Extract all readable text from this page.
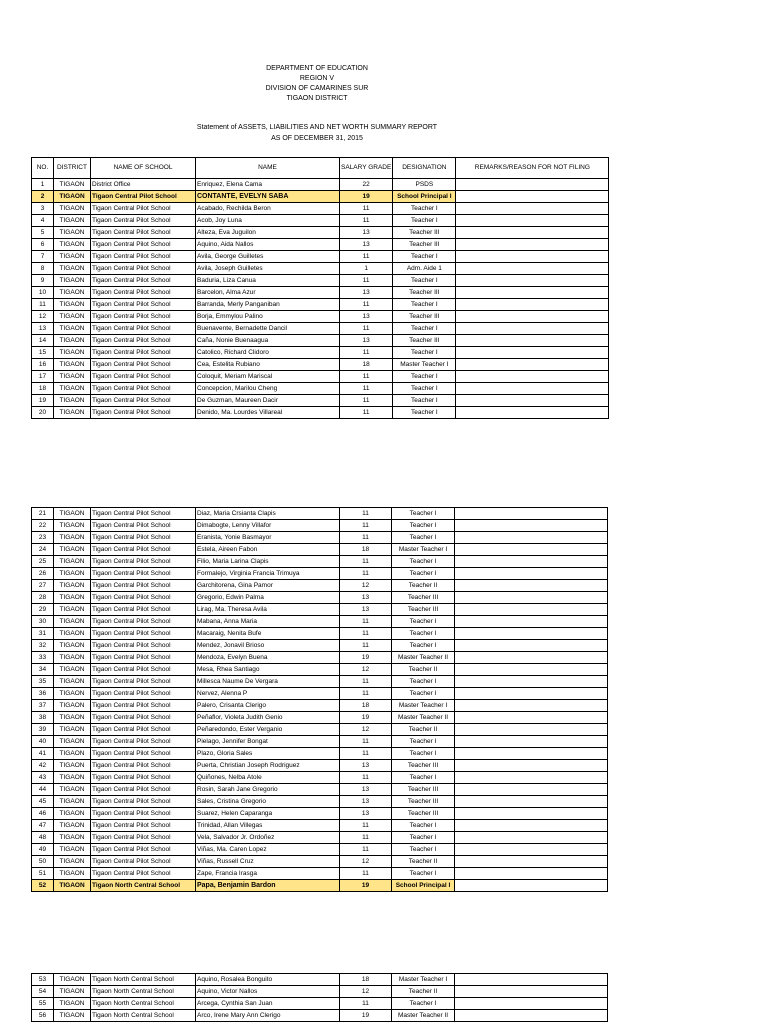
DEPARTMENT OF EDUCATION
REGION V
DIVISION OF CAMARINES SUR
TIGAON DISTRICT
Statement of ASSETS, LIABILITIES AND NET WORTH SUMMARY REPORT
AS OF DECEMBER 31, 2015
NO.	DISTRICT	NAME OF SCHOOL	NAME	SALARY GRADE	DESIGNATION	REMARKS/REASON FOR NOT FILING
1	TIGAON	District Office	Enriquez, Elena Cama	22	PSDS	
2	TIGAON	Tigaon Central Pilot School	CONTANTE, EVELYN SABA	19	School Principal I	
3	TIGAON	Tigaon Central Pilot School	Acabado, Rechilda Beron	11	Teacher I	
4	TIGAON	Tigaon Central Pilot School	Acob, Joy Luna	11	Teacher I	
5	TIGAON	Tigaon Central Pilot School	Alteza, Eva Juguilon	13	Teacher III	
6	TIGAON	Tigaon Central Pilot School	Aquino, Aida Nallos	13	Teacher III	
7	TIGAON	Tigaon Central Pilot School	Avila, George Guilletes	11	Teacher I	
8	TIGAON	Tigaon Central Pilot School	Avila, Joseph Guilletes	1	Adm. Aide 1	
9	TIGAON	Tigaon Central Pilot School	Baduria, Liza Canua	11	Teacher I	
10	TIGAON	Tigaon Central Pilot School	Barcelon, Alma Azur	13	Teacher III	
11	TIGAON	Tigaon Central Pilot School	Barranda, Merly Panganiban	11	Teacher I	
12	TIGAON	Tigaon Central Pilot School	Borja, Emmylou Palino	13	Teacher III	
13	TIGAON	Tigaon Central Pilot School	Buenavente, Bernadette Dancil	11	Teacher I	
14	TIGAON	Tigaon Central Pilot School	Caña, Nonie Buenaagua	13	Teacher III	
15	TIGAON	Tigaon Central Pilot School	Catolico, Richard Clidoro	11	Teacher I	
16	TIGAON	Tigaon Central Pilot School	Cea, Estelita Rubiano	18	Master Teacher I	
17	TIGAON	Tigaon Central Pilot School	Coloquit, Meriam Mariscal	11	Teacher I	
18	TIGAON	Tigaon Central Pilot School	Concepcion, Marilou Cheng	11	Teacher I	
19	TIGAON	Tigaon Central Pilot School	De Guzman, Maureen Dacir	11	Teacher I	
20	TIGAON	Tigaon Central Pilot School	Denido, Ma. Lourdes Villareal	11	Teacher I	
21	TIGAON	Tigaon Central Pilot School	Diaz, Maria Crsianta Clapis	11	Teacher I	
22	TIGAON	Tigaon Central Pilot School	Dimabogte, Lenny Villafor	11	Teacher I	
23	TIGAON	Tigaon Central Pilot School	Eranista, Yonie Basmayor	11	Teacher I	
24	TIGAON	Tigaon Central Pilot School	Estela, Aireen Fabon	18	Master Teacher I	
25	TIGAON	Tigaon Central Pilot School	Filio, Maria Larina Clapis	11	Teacher I	
26	TIGAON	Tigaon Central Pilot School	Formalejo, Virginia Francia Trimuya	11	Teacher I	
27	TIGAON	Tigaon Central Pilot School	Garchitorena, Gina Pamor	12	Teacher II	
28	TIGAON	Tigaon Central Pilot School	Gregorio, Edwin Palma	13	Teacher III	
29	TIGAON	Tigaon Central Pilot School	Lirag, Ma. Theresa Avila	13	Teacher III	
30	TIGAON	Tigaon Central Pilot School	Mabana, Anna Maria	11	Teacher I	
31	TIGAON	Tigaon Central Pilot School	Macaraig, Nenita Bufe	11	Teacher I	
32	TIGAON	Tigaon Central Pilot School	Mendez, Jonavil Brioso	11	Teacher I	
33	TIGAON	Tigaon Central Pilot School	Mendoza, Evelyn Buena	19	Master Teacher II	
34	TIGAON	Tigaon Central Pilot School	Mesa, Rhea Santiago	12	Teacher II	
35	TIGAON	Tigaon Central Pilot School	Millesca Naume De Vergara	11	Teacher I	
36	TIGAON	Tigaon Central Pilot School	Nervez, Alenna P	11	Teacher I	
37	TIGAON	Tigaon Central Pilot School	Palero, Crisanta Clerigo	18	Master Teacher I	
38	TIGAON	Tigaon Central Pilot School	Peñaflor, Violeta Judith Genio	19	Master Teacher II	
39	TIGAON	Tigaon Central Pilot School	Peñaredondo, Ester Verganio	12	Teacher II	
40	TIGAON	Tigaon Central Pilot School	Pielago, Jennifer Bongat	11	Teacher I	
41	TIGAON	Tigaon Central Pilot School	Plazo, Gloria Sales	11	Teacher I	
42	TIGAON	Tigaon Central Pilot School	Puerta, Christian Joseph Rodriguez	13	Teacher III	
43	TIGAON	Tigaon Central Pilot School	Quiñones, Nelba Atole	11	Teacher I	
44	TIGAON	Tigaon Central Pilot School	Rosin, Sarah Jane Gregorio	13	Teacher III	
45	TIGAON	Tigaon Central Pilot School	Sales, Cristina Gregorio	13	Teacher III	
46	TIGAON	Tigaon Central Pilot School	Suarez, Helen Caparanga	13	Teacher III	
47	TIGAON	Tigaon Central Pilot School	Trinidad, Allan Villegas	11	Teacher I	
48	TIGAON	Tigaon Central Pilot School	Vela, Salvador Jr. Ordoñez	11	Teacher I	
49	TIGAON	Tigaon Central Pilot School	Viñas, Ma. Caren Lopez	11	Teacher I	
50	TIGAON	Tigaon Central Pilot School	Viñas, Russell Cruz	12	Teacher II	
51	TIGAON	Tigaon Central Pilot School	Zape, Francia Irasga	11	Teacher I	
52	TIGAON	Tigaon North Central School	Papa, Benjamin Bardon	19	School Principal I	
53	TIGAON	Tigaon North Central School	Aquino, Rosalea Bonguito	18	Master Teacher I	
54	TIGAON	Tigaon North Central School	Aquino, Victor Nallos	12	Teacher II	
55	TIGAON	Tigaon North Central School	Arcega, Cynthia San Juan	11	Teacher I	
56	TIGAON	Tigaon North Central School	Arco, Irene Mary Ann Clerigo	19	Master Teacher II	
